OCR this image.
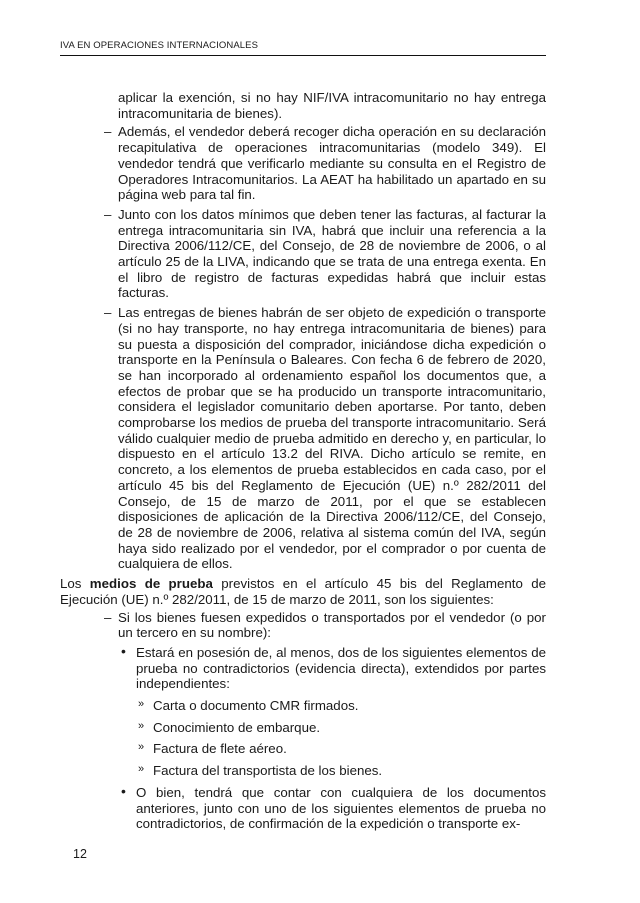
IVA EN OPERACIONES INTERNACIONALES

aplicar la exención, si no hay NIF/IVA intracomunitario no hay entrega intracomunitaria de bienes).

– Además, el vendedor deberá recoger dicha operación en su declaración recapitulativa de operaciones intracomunitarias (modelo 349). El vendedor tendrá que verificarlo mediante su consulta en el Registro de Operadores Intracomunitarios. La AEAT ha habilitado un apartado en su página web para tal fin.
– Junto con los datos mínimos que deben tener las facturas, al facturar la entrega intracomunitaria sin IVA, habrá que incluir una referencia a la Directiva 2006/112/CE, del Consejo, de 28 de noviembre de 2006, o al artículo 25 de la LIVA, indicando que se trata de una entrega exenta. En el libro de registro de facturas expedidas habrá que incluir estas facturas.
– Las entregas de bienes habrán de ser objeto de expedición o transporte (si no hay transporte, no hay entrega intracomunitaria de bienes) para su puesta a disposición del comprador, iniciándose dicha expedición o transporte en la Península o Baleares. Con fecha 6 de febrero de 2020, se han incorporado al ordenamiento español los documentos que, a efectos de probar que se ha producido un transporte intracomunitario, considera el legislador comunitario deben aportarse. Por tanto, deben comprobarse los medios de prueba del transporte intracomunitario. Será válido cualquier medio de prueba admitido en derecho y, en particular, lo dispuesto en el artículo 13.2 del RIVA. Dicho artículo se remite, en concreto, a los elementos de prueba establecidos en cada caso, por el artículo 45 bis del Reglamento de Ejecución (UE) n.º 282/2011 del Consejo, de 15 de marzo de 2011, por el que se establecen disposiciones de aplicación de la Directiva 2006/112/CE, del Consejo, de 28 de noviembre de 2006, relativa al sistema común del IVA, según haya sido realizado por el vendedor, por el comprador o por cuenta de cualquiera de ellos.

Los medios de prueba previstos en el artículo 45 bis del Reglamento de Ejecución (UE) n.º 282/2011, de 15 de marzo de 2011, son los siguientes:

– Si los bienes fuesen expedidos o transportados por el vendedor (o por un tercero en su nombre):
• Estará en posesión de, al menos, dos de los siguientes elementos de prueba no contradictorios (evidencia directa), extendidos por partes independientes:
» Carta o documento CMR firmados.
» Conocimiento de embarque.
» Factura de flete aéreo.
» Factura del transportista de los bienes.
• O bien, tendrá que contar con cualquiera de los documentos anteriores, junto con uno de los siguientes elementos de prueba no contradictorios, de confirmación de la expedición o transporte ex-
12
